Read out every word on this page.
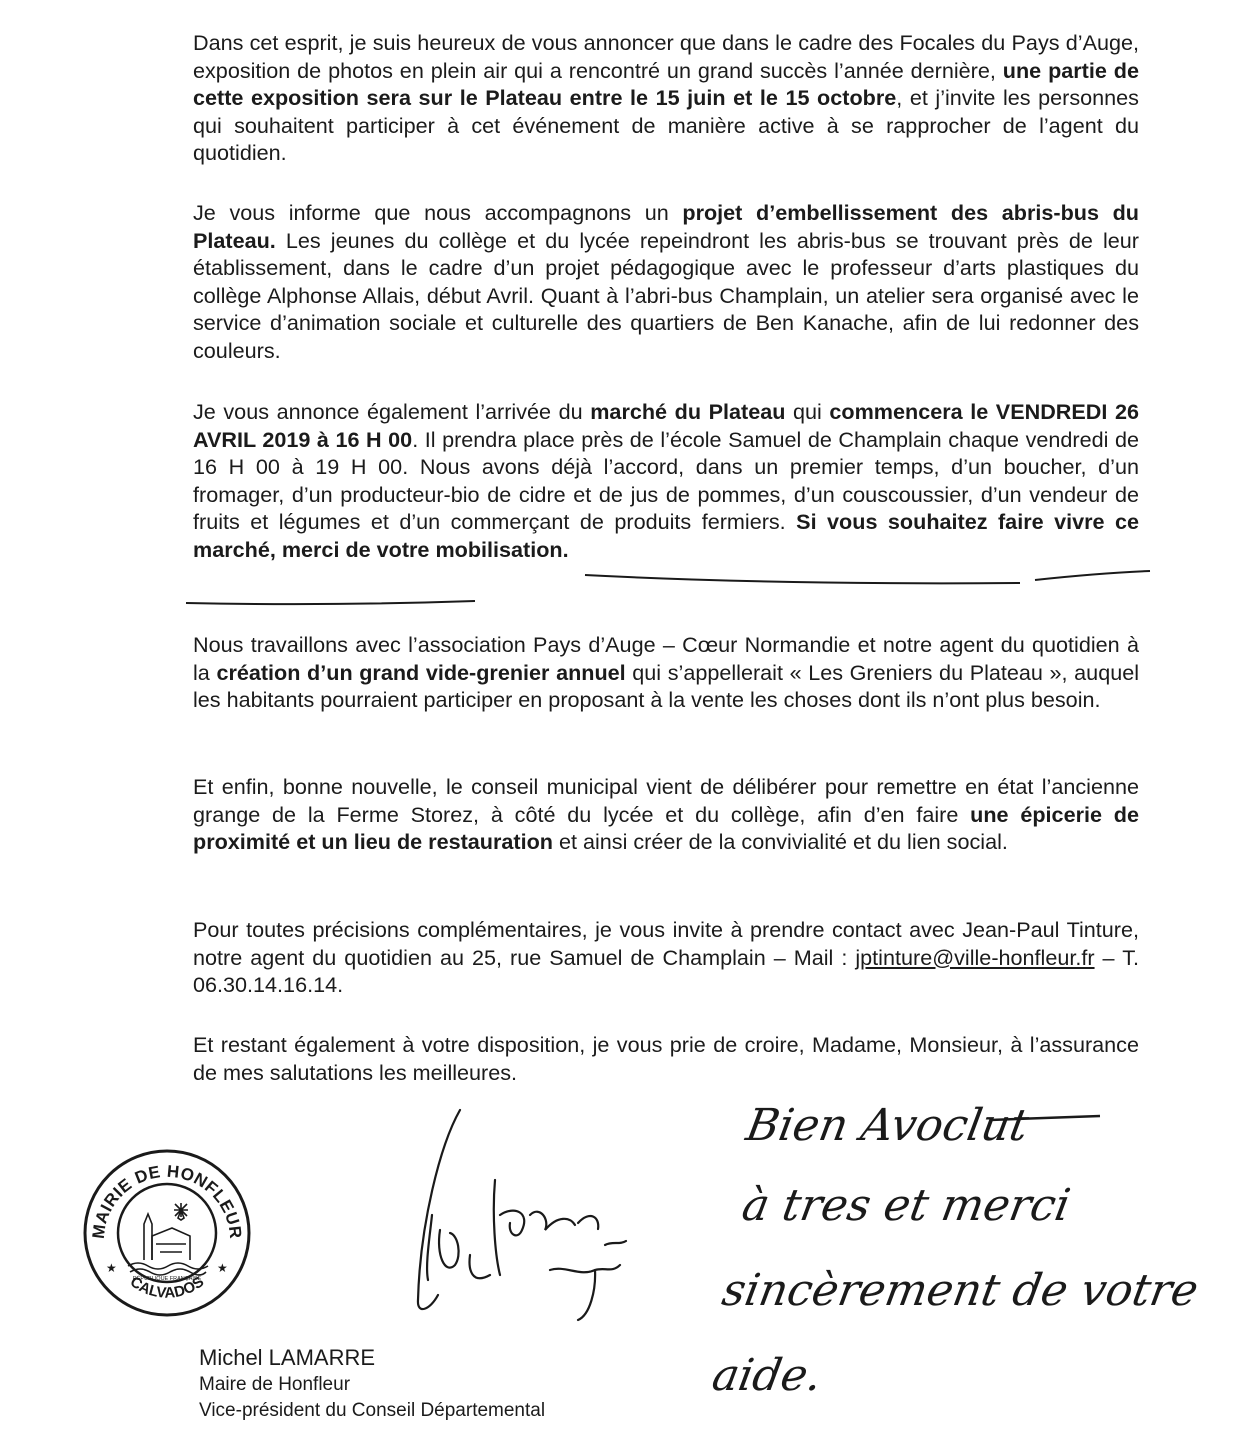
Dans cet esprit, je suis heureux de vous annoncer que dans le cadre des Focales du Pays d’Auge, exposition de photos en plein air qui a rencontré un grand succès l’année dernière, une partie de cette exposition sera sur le Plateau entre le 15 juin et le 15 octobre, et j’invite les personnes qui souhaitent participer à cet événement de manière active à se rapprocher de l’agent du quotidien.

Je vous informe que nous accompagnons un projet d’embellissement des abris-bus du Plateau. Les jeunes du collège et du lycée repeindront les abris-bus se trouvant près de leur établissement, dans le cadre d’un projet pédagogique avec le professeur d’arts plastiques du collège Alphonse Allais, début Avril. Quant à l’abri-bus Champlain, un atelier sera organisé avec le service d’animation sociale et culturelle des quartiers de Ben Kanache, afin de lui redonner des couleurs.

Je vous annonce également l’arrivée du marché du Plateau qui commencera le VENDREDI 26 AVRIL 2019 à 16 H 00. Il prendra place près de l’école Samuel de Champlain chaque vendredi de 16 H 00 à 19 H 00. Nous avons déjà l’accord, dans un premier temps, d’un boucher, d’un fromager, d’un producteur-bio de cidre et de jus de pommes, d’un couscoussier, d’un vendeur de fruits et légumes et d’un commerçant de produits fermiers. Si vous souhaitez faire vivre ce marché, merci de votre mobilisation.

Nous travaillons avec l’association Pays d’Auge – Cœur Normandie et notre agent du quotidien à la création d’un grand vide-grenier annuel qui s’appellerait « Les Greniers du Plateau », auquel les habitants pourraient participer en proposant à la vente les choses dont ils n’ont plus besoin.

Et enfin, bonne nouvelle, le conseil municipal vient de délibérer pour remettre en état l’ancienne grange de la Ferme Storez, à côté du lycée et du collège, afin d’en faire une épicerie de proximité et un lieu de restauration et ainsi créer de la convivialité et du lien social.

Pour toutes précisions complémentaires, je vous invite à prendre contact avec Jean-Paul Tinture, notre agent du quotidien au 25, rue Samuel de Champlain – Mail : jptinture@ville-honfleur.fr – T. 06.30.14.16.14.

Et restant également à votre disposition, je vous prie de croire, Madame, Monsieur, à l’assurance de mes salutations les meilleures.

MAIRIE DE HONFLEUR
CALVADOS
★	★
RÉPUBLIQUE FRANÇAISE
Bien Avoclut
à tres et merci
sincèrement de votre
aide.
Michel LAMARRE
Maire de Honfleur
Vice-président du Conseil Départemental
